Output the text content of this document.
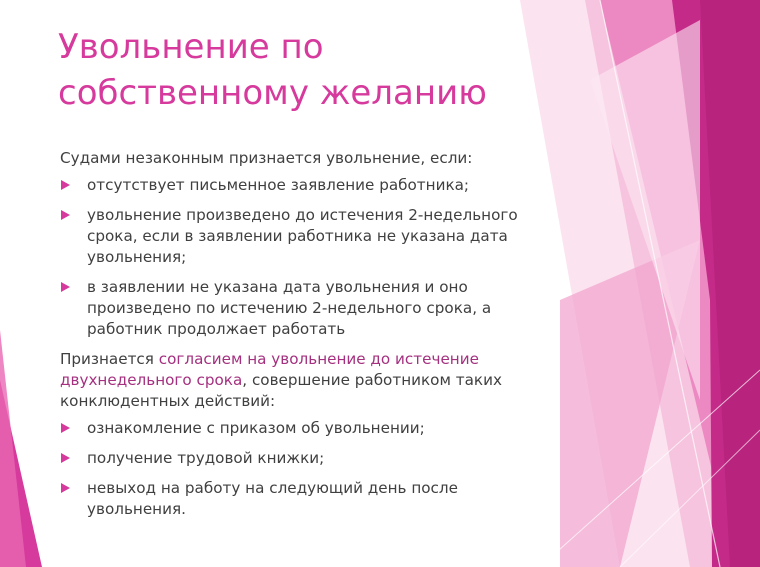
Увольнение по
собственному желанию

Судами незаконным признается увольнение, если:

отсутствует письменное заявление работника;
увольнение произведено до истечения 2-недельного срока, если в заявлении работника не указана дата увольнения;
в заявлении не указана дата увольнения и оно произведено по истечению 2-недельного срока, а работник продолжает работать

Признается согласием на увольнение до истечение двухнедельного срока, совершение работником таких конклюдентных действий:

ознакомление с приказом об увольнении;
получение трудовой книжки;
невыход на работу на следующий день после увольнения.
